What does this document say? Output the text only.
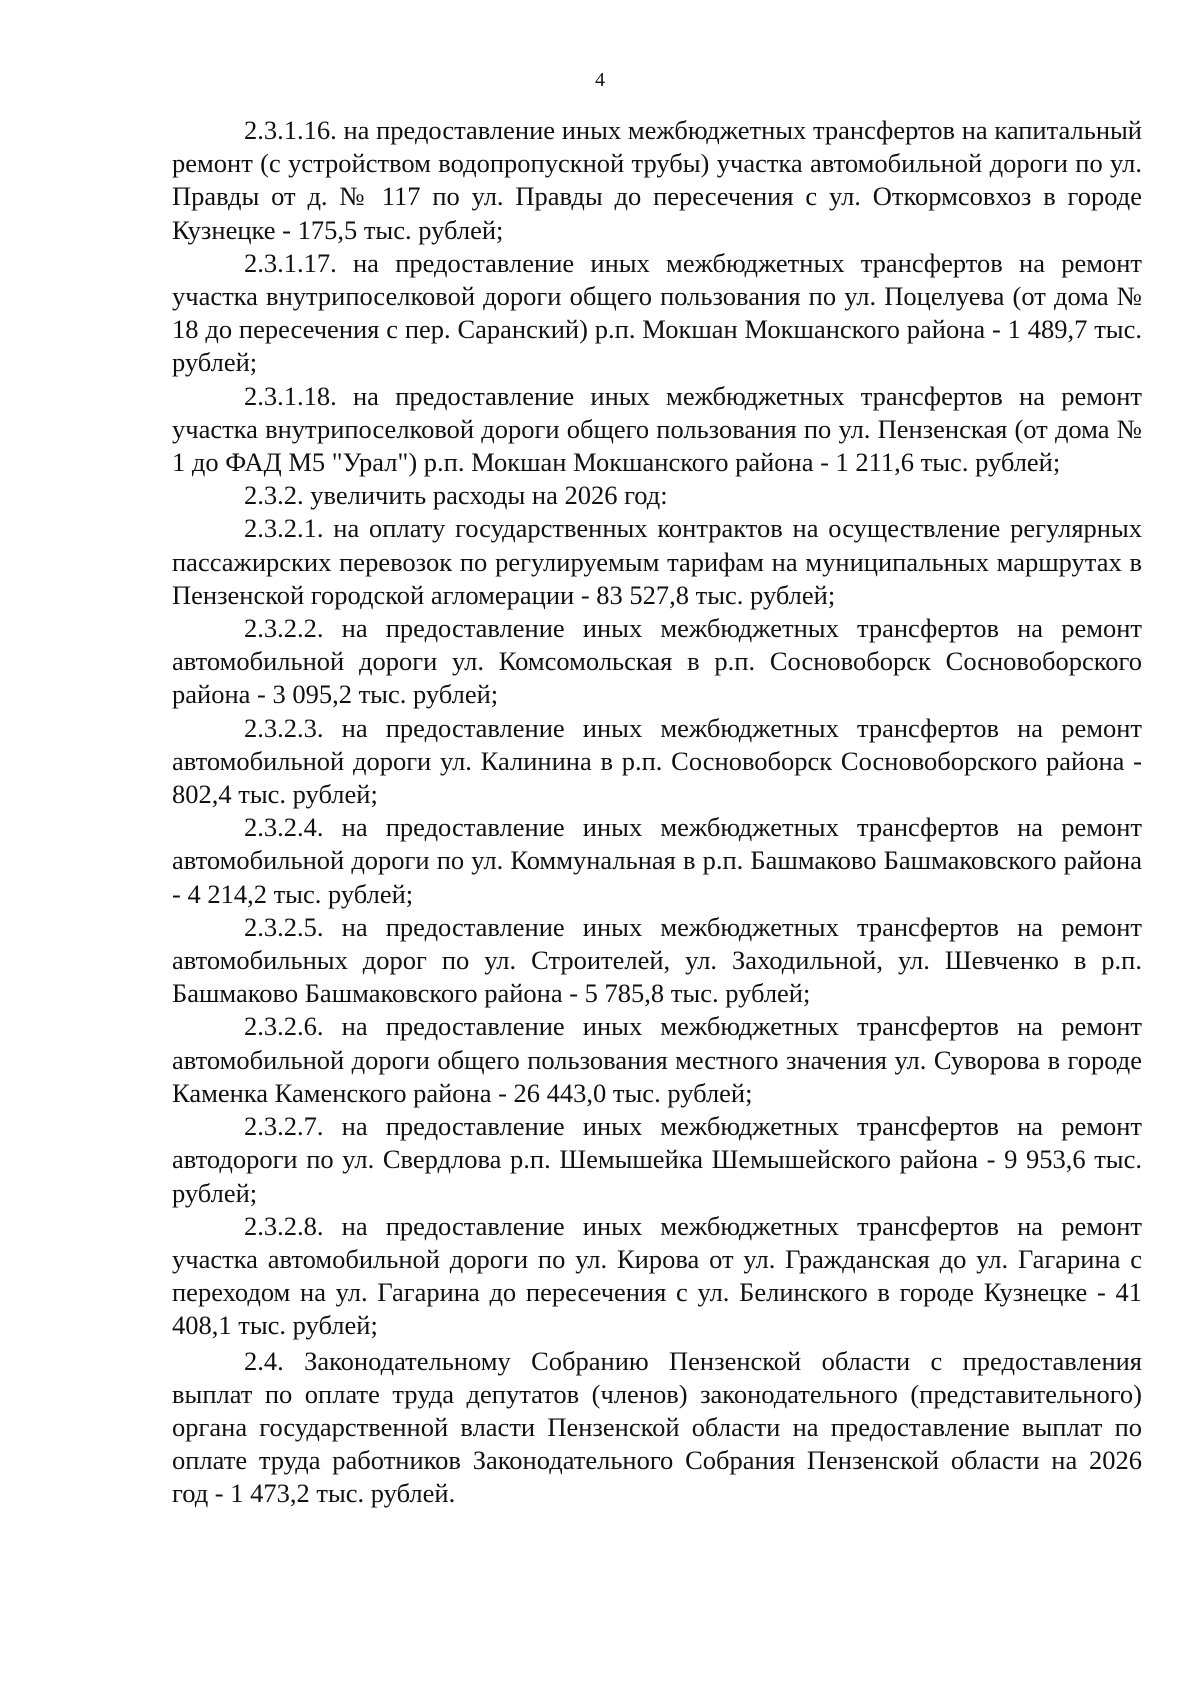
4

2.3.1.16. на предоставление иных межбюджетных трансфертов на капитальный ремонт (с устройством водопропускной трубы) участка автомобильной дороги по ул. Правды от д. № 117 по ул. Правды до пересечения с ул. Откормсовхоз в городе Кузнецке - 175,5 тыс. рублей;

2.3.1.17. на предоставление иных межбюджетных трансфертов на ремонт участка внутрипоселковой дороги общего пользования по ул. Поцелуева (от дома № 18 до пересечения с пер. Саранский) р.п. Мокшан Мокшанского района - 1 489,7 тыс. рублей;

2.3.1.18. на предоставление иных межбюджетных трансфертов на ремонт участка внутрипоселковой дороги общего пользования по ул. Пензенская (от дома № 1 до ФАД М5 "Урал") р.п. Мокшан Мокшанского района - 1 211,6 тыс. рублей;

2.3.2. увеличить расходы на 2026 год:

2.3.2.1. на оплату государственных контрактов на осуществление регулярных пассажирских перевозок по регулируемым тарифам на муниципальных маршрутах в Пензенской городской агломерации - 83 527,8 тыс. рублей;

2.3.2.2. на предоставление иных межбюджетных трансфертов на ремонт автомобильной дороги ул. Комсомольская в р.п. Сосновоборск Сосновоборского района - 3 095,2 тыс. рублей;

2.3.2.3. на предоставление иных межбюджетных трансфертов на ремонт автомобильной дороги ул. Калинина в р.п. Сосновоборск Сосновоборского района - 802,4 тыс. рублей;

2.3.2.4. на предоставление иных межбюджетных трансфертов на ремонт автомобильной дороги по ул. Коммунальная в р.п. Башмаково Башмаковского района - 4 214,2 тыс. рублей;

2.3.2.5. на предоставление иных межбюджетных трансфертов на ремонт автомобильных дорог по ул. Строителей, ул. Заходильной, ул. Шевченко в р.п. Башмаково Башмаковского района - 5 785,8 тыс. рублей;

2.3.2.6. на предоставление иных межбюджетных трансфертов на ремонт автомобильной дороги общего пользования местного значения ул. Суворова в городе Каменка Каменского района - 26 443,0 тыс. рублей;

2.3.2.7. на предоставление иных межбюджетных трансфертов на ремонт автодороги по ул. Свердлова р.п. Шемышейка Шемышейского района - 9 953,6 тыс. рублей;

2.3.2.8. на предоставление иных межбюджетных трансфертов на ремонт участка автомобильной дороги по ул. Кирова от ул. Гражданская до ул. Гагарина с переходом на ул. Гагарина до пересечения с ул. Белинского в городе Кузнецке - 41 408,1 тыс. рублей;

2.4. Законодательному Собранию Пензенской области с предоставления выплат по оплате труда депутатов (членов) законодательного (представительного) органа государственной власти Пензенской области на предоставление выплат по оплате труда работников Законодательного Собрания Пензенской области на 2026 год - 1 473,2 тыс. рублей.
